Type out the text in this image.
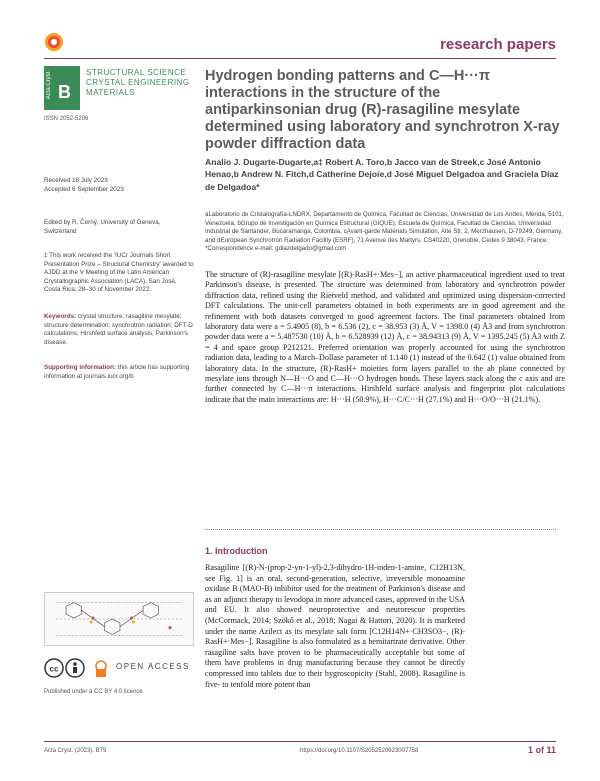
research papers
Acta Cryst. B
STRUCTURAL SCIENCE
CRYSTAL ENGINEERING
MATERIALS
ISSN 2052-5206
Hydrogen bonding patterns and C—H···π interactions in the structure of the antiparkinsonian drug (R)-rasagiline mesylate determined using laboratory and synchrotron X-ray powder diffraction data
Received 18 July 2023
Accepted 6 September 2023
Edited by R. Černý, University of Geneva, Switzerland
‡ This work received the 'IUCr Journals Short Presentation Prize – Structural Chemistry' awarded to AJDD at the V Meeting of the Latin American Crystallographic Association (LACA), San José, Costa Rica, 28–30 of November 2022.
Keywords: crystal structure; rasagiline mesylate; structure determination; synchrotron radiation; DFT-D calculations; Hirshfeld surface analysis; Parkinson's disease.
Supporting information: this article has supporting information at journals.iucr.org/b
Analio J. Dugarte-Dugarte,a‡ Robert A. Toro,b Jacco van de Streek,c José Antonio Henao,b Andrew N. Fitch,d Catherine Dejoie,d José Miguel Delgadoa and Graciela Díaz de Delgadoa*
aLaboratorio de Cristalografía-LNDRX, Departamento de Química, Facultad de Ciencias, Universidad de Los Andes, Mérida, 5101, Venezuela, bGrupo de Investigación en Química Estructural (GIQUE), Escuela de Química, Facultad de Ciencias, Universidad Industrial de Santander, Bucaramanga, Colombia, cAvant-garde Materials Simulation, Alte Str. 2, Merzhausen, D-79249, Germany, and dEuropean Synchrotron Radiation Facility (ESRF), 71 Avenue des Martyrs, CS40220, Grenoble, Cedex 9 38043, France. *Correspondence e-mail: gdiazdelgado@gmail.com
The structure of (R)-rasagiline mesylate [(R)-RasH+·Mes−], an active pharmaceutical ingredient used to treat Parkinson's disease, is presented. The structure was determined from laboratory and synchrotron powder diffraction data, refined using the Rietveld method, and validated and optimized using dispersion-corrected DFT calculations. The unit-cell parameters obtained in both experiments are in good agreement and the refinement with both datasets converged to good agreement factors. The final parameters obtained from laboratory data were a = 5.4905 (8), b = 6.536 (2), c = 38.953 (3) Å, V = 1398.0 (4) Å3 and from synchrotron powder data were a = 5.487530 (10) Å, b = 6.528939 (12) Å, c = 38.94313 (9) Å, V = 1395.245 (5) Å3 with Z = 4 and space group P212121. Preferred orientation was properly accounted for using the synchrotron radiation data, leading to a March–Dollase parameter of 1.140 (1) instead of the 0.642 (1) value obtained from laboratory data. In the structure, (R)-RasH+ moieties form layers parallel to the ab plane connected by mesylate ions through N—H···O and C—H···O hydrogen bonds. These layers stack along the c axis and are further connected by C—H···π interactions. Hirshfeld surface analysis and fingerprint plot calculations indicate that the main interactions are: H···H (50.9%), H···C/C···H (27.1%) and H···O/O···H (21.1%).
1. Introduction
Rasagiline [(R)-N-(prop-2-yn-1-yl)-2,3-dihydro-1H-inden-1-amine, C12H13N, see Fig. 1] is an oral, second-generation, selective, irreversible monoamine oxidase B (MAO-B) inhibitor used for the treatment of Parkinson's disease and as an adjunct therapy to levodopa in more advanced cases, approved in the USA and EU. It also showed neuroprotective and neurorescue properties (McCormack, 2014; Szökő et al., 2018; Nagai & Hattori, 2020). It is marketed under the name Azilect as its mesylate salt form [C12H14N+·CH3SO3−, (R)-RasH+·Mes−]. Rasagiline is also formulated as a hemitartrate derivative. Other rasagiline salts have proven to be pharmaceutically acceptable but some of them have problems in drug manufacturing because they cannot be directly compressed into tablets due to their hygroscopicity (Stahl, 2008). Rasagiline is five- to tenfold more potent than
cc	OPEN ACCESS
Published under a CC BY 4.0 licence
Acta Cryst. (2023). B79	https://doi.org/10.1107/S2052520623007758	1 of 11
